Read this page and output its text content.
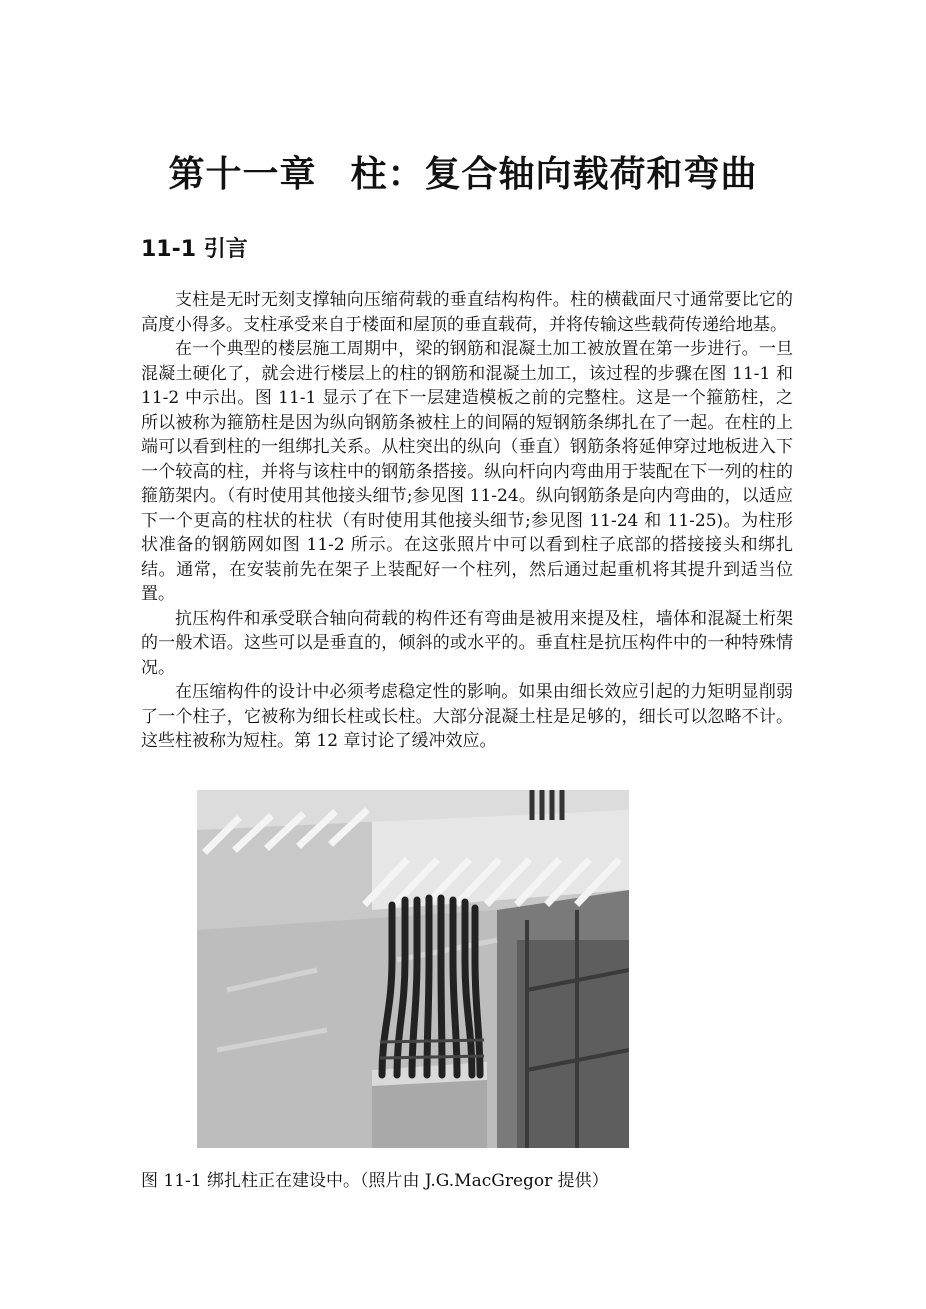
第十一章 柱：复合轴向载荷和弯曲
11-1 引言

支柱是无时无刻支撑轴向压缩荷载的垂直结构构件。柱的横截面尺寸通常要比它的高度小得多。支柱承受来自于楼面和屋顶的垂直载荷，并将传输这些载荷传递给地基。

在一个典型的楼层施工周期中，梁的钢筋和混凝土加工被放置在第一步进行。一旦混凝土硬化了，就会进行楼层上的柱的钢筋和混凝土加工，该过程的步骤在图 11-1 和 11-2 中示出。图 11-1 显示了在下一层建造模板之前的完整柱。这是一个箍筋柱，之所以被称为箍筋柱是因为纵向钢筋条被柱上的间隔的短钢筋条绑扎在了一起。在柱的上端可以看到柱的一组绑扎关系。从柱突出的纵向（垂直）钢筋条将延伸穿过地板进入下一个较高的柱，并将与该柱中的钢筋条搭接。纵向杆向内弯曲用于装配在下一列的柱的箍筋架内。（有时使用其他接头细节;参见图 11-24。纵向钢筋条是向内弯曲的，以适应下一个更高的柱状的柱状（有时使用其他接头细节;参见图 11-24 和 11-25)。为柱形状准备的钢筋网如图 11-2 所示。在这张照片中可以看到柱子底部的搭接接头和绑扎结。通常，在安装前先在架子上装配好一个柱列，然后通过起重机将其提升到适当位置。

抗压构件和承受联合轴向荷载的构件还有弯曲是被用来提及柱，墙体和混凝土桁架的一般术语。这些可以是垂直的，倾斜的或水平的。垂直柱是抗压构件中的一种特殊情况。

在压缩构件的设计中必须考虑稳定性的影响。如果由细长效应引起的力矩明显削弱了一个柱子，它被称为细长柱或长柱。大部分混凝土柱是足够的，细长可以忽略不计。这些柱被称为短柱。第 12 章讨论了缓冲效应。

图 11-1 绑扎柱正在建设中。（照片由 J.G.MacGregor 提供）
